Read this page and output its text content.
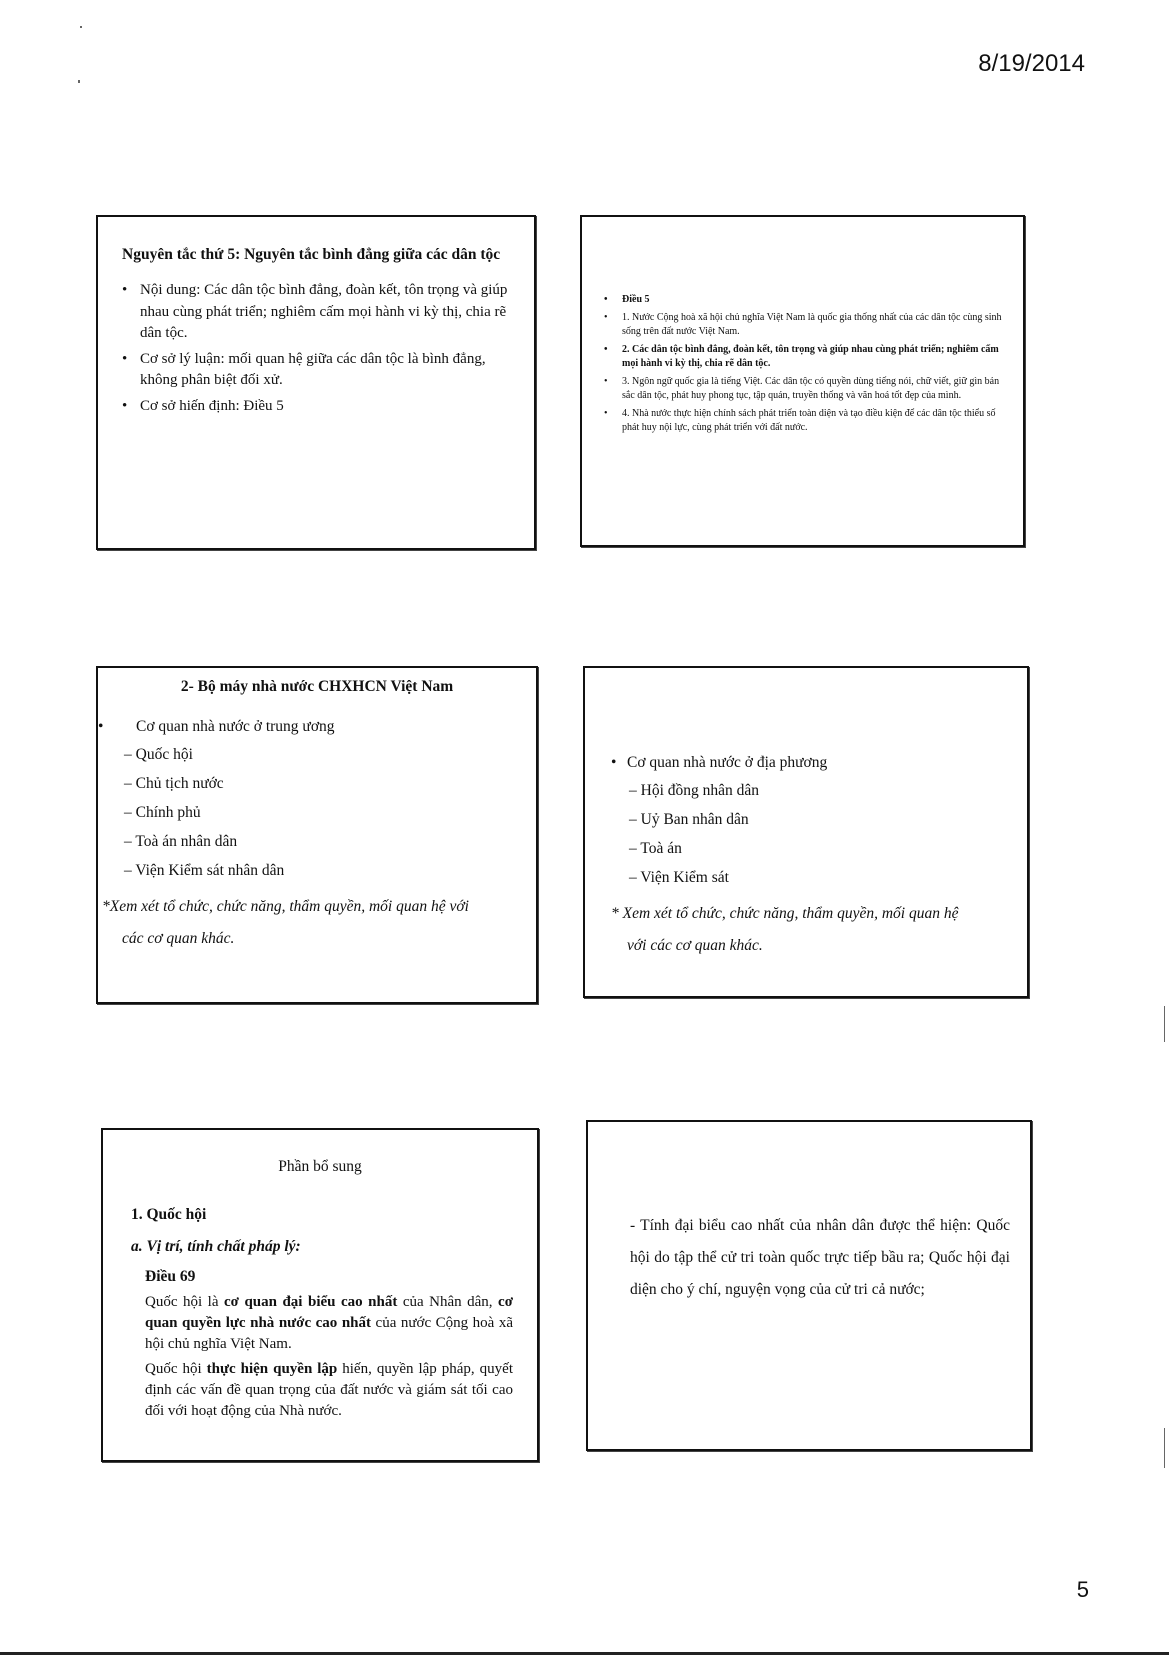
8/19/2014
Nguyên tắc thứ 5: Nguyên tắc bình đẳng giữa các dân tộc
• Nội dung: Các dân tộc bình đẳng, đoàn kết, tôn trọng và giúp nhau cùng phát triển; nghiêm cấm mọi hành vi kỳ thị, chia rẽ dân tộc.
• Cơ sở lý luận: mối quan hệ giữa các dân tộc là bình đẳng, không phân biệt đối xử.
• Cơ sở hiến định: Điều 5
• Điều 5
• 1. Nước Cộng hoà xã hội chủ nghĩa Việt Nam là quốc gia thống nhất của các dân tộc cùng sinh sống trên đất nước Việt Nam.
• 2. Các dân tộc bình đẳng, đoàn kết, tôn trọng và giúp nhau cùng phát triển; nghiêm cấm mọi hành vi kỳ thị, chia rẽ dân tộc.
• 3. Ngôn ngữ quốc gia là tiếng Việt. Các dân tộc có quyền dùng tiếng nói, chữ viết, giữ gìn bản sắc dân tộc, phát huy phong tục, tập quán, truyền thống và văn hoá tốt đẹp của mình.
• 4. Nhà nước thực hiện chính sách phát triển toàn diện và tạo điều kiện để các dân tộc thiểu số phát huy nội lực, cùng phát triển với đất nước.
2- Bộ máy nhà nước CHXHCN Việt Nam
• Cơ quan nhà nước ở trung ương
– Quốc hội
– Chủ tịch nước
– Chính phủ
– Toà án nhân dân
– Viện Kiểm sát nhân dân
*Xem xét tổ chức, chức năng, thẩm quyền, mối quan hệ với
các cơ quan khác.
• Cơ quan nhà nước ở địa phương
– Hội đồng nhân dân
– Uỷ Ban nhân dân
– Toà án
– Viện Kiểm sát
* Xem xét tổ chức, chức năng, thẩm quyền, mối quan hệ
với các cơ quan khác.
Phần bổ sung
1. Quốc hội
a. Vị trí, tính chất pháp lý:
Điều 69

Quốc hội là cơ quan đại biểu cao nhất của Nhân dân, cơ quan quyền lực nhà nước cao nhất của nước Cộng hoà xã hội chủ nghĩa Việt Nam.

Quốc hội thực hiện quyền lập hiến, quyền lập pháp, quyết định các vấn đề quan trọng của đất nước và giám sát tối cao đối với hoạt động của Nhà nước.

- Tính đại biểu cao nhất của nhân dân được thể hiện: Quốc hội do tập thể cử tri toàn quốc trực tiếp bầu ra; Quốc hội đại diện cho ý chí, nguyện vọng của cử tri cả nước;

5
